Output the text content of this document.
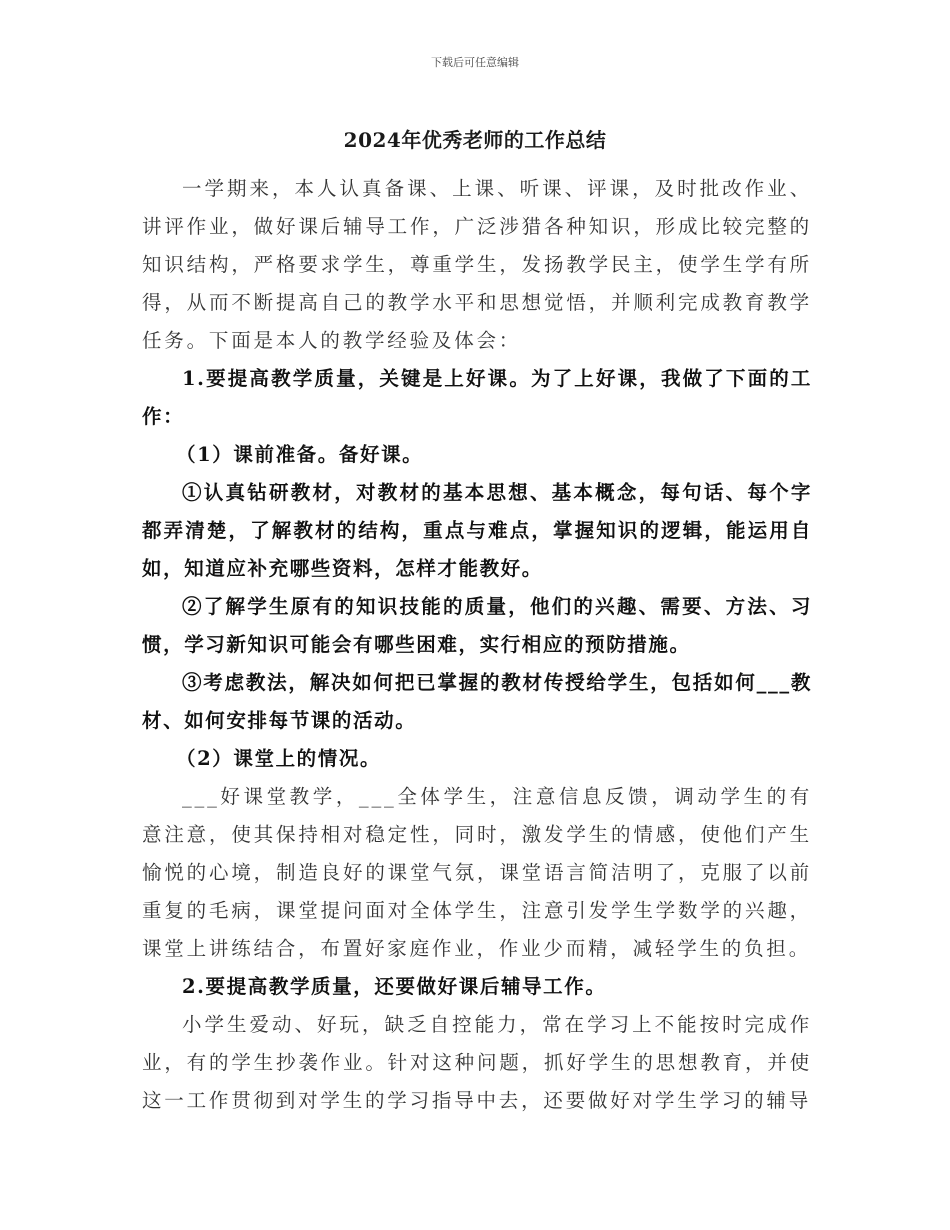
下载后可任意编辑
2024年优秀老师的工作总结

一学期来，本人认真备课、上课、听课、评课，及时批改作业、讲评作业，做好课后辅导工作，广泛涉猎各种知识，形成比较完整的知识结构，严格要求学生，尊重学生，发扬教学民主，使学生学有所得，从而不断提高自己的教学水平和思想觉悟，并顺利完成教育教学任务。下面是本人的教学经验及体会：

1.要提高教学质量，关键是上好课。为了上好课，我做了下面的工作：

（1）课前准备。备好课。

①认真钻研教材，对教材的基本思想、基本概念，每句话、每个字都弄清楚，了解教材的结构，重点与难点，掌握知识的逻辑，能运用自如，知道应补充哪些资料，怎样才能教好。

②了解学生原有的知识技能的质量，他们的兴趣、需要、方法、习惯，学习新知识可能会有哪些困难，实行相应的预防措施。

③考虑教法，解决如何把已掌握的教材传授给学生，包括如何___教材、如何安排每节课的活动。

（2）课堂上的情况。

___好课堂教学，___全体学生，注意信息反馈，调动学生的有意注意，使其保持相对稳定性，同时，激发学生的情感，使他们产生愉悦的心境，制造良好的课堂气氛，课堂语言简洁明了，克服了以前重复的毛病，课堂提问面对全体学生，注意引发学生学数学的兴趣，课堂上讲练结合，布置好家庭作业，作业少而精，减轻学生的负担。

2.要提高教学质量，还要做好课后辅导工作。

小学生爱动、好玩，缺乏自控能力，常在学习上不能按时完成作业，有的学生抄袭作业。针对这种问题，抓好学生的思想教育，并使这一工作贯彻到对学生的学习指导中去，还要做好对学生学习的辅导
